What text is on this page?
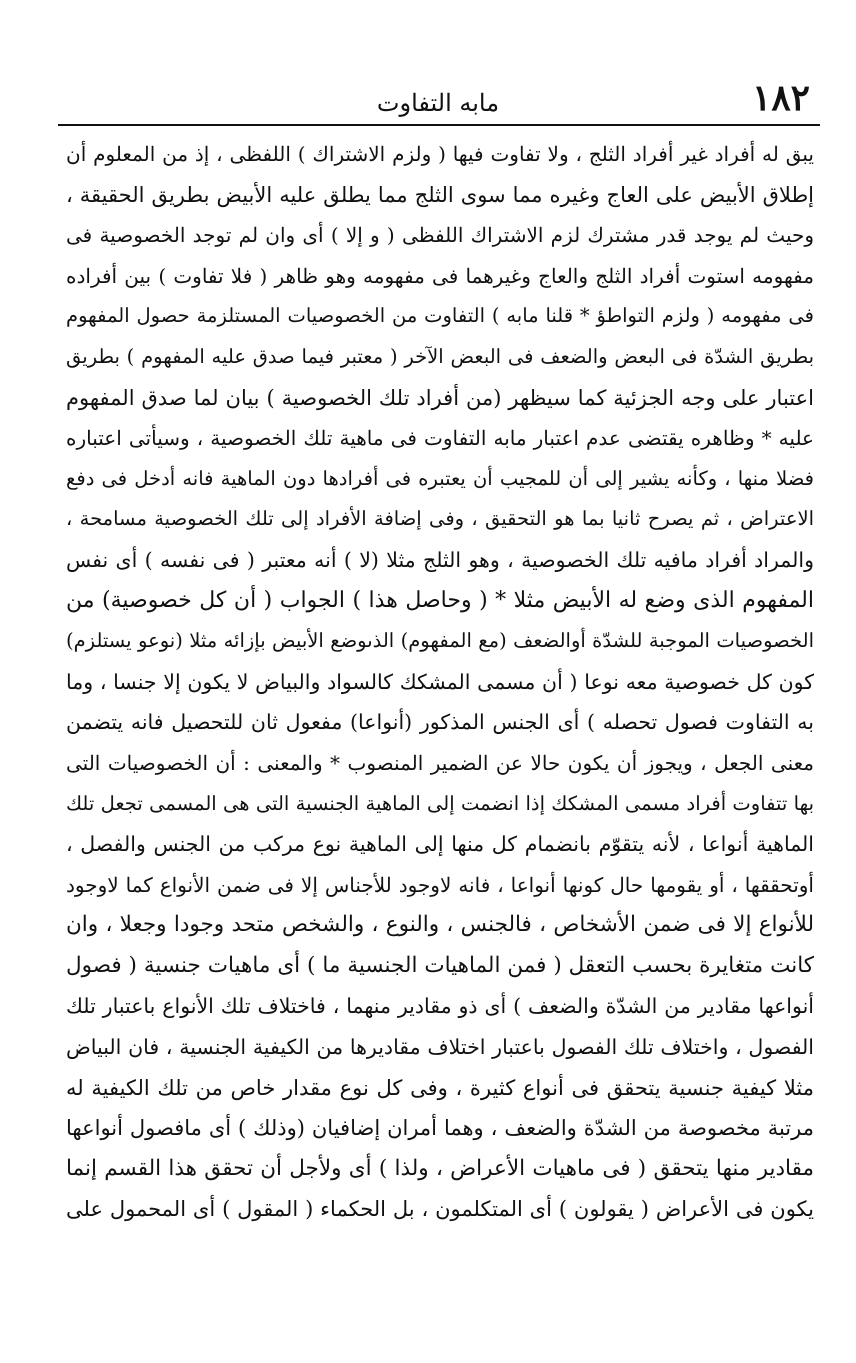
١٨٢
مابه التفاوت
يبق له أفراد غير أفراد الثلج ، ولا تفاوت فيها ( ولزم الاشتراك ) اللفظى ، إذ من المعلوم أن
إطلاق الأبيض على العاج وغيره مما سوى الثلج مما يطلق عليه الأبيض بطريق الحقيقة ،
وحيث لم يوجد قدر مشترك لزم الاشتراك اللفظى ( و إلا ) أى وان لم توجد الخصوصية فى
مفهومه استوت أفراد الثلج والعاج وغيرهما فى مفهومه وهو ظاهر ( فلا تفاوت ) بين أفراده
فى مفهومه ( ولزم التواطؤ * قلنا مابه ) التفاوت من الخصوصيات المستلزمة حصول المفهوم
بطريق الشدّة فى البعض والضعف فى البعض الآخر ( معتبر فيما صدق عليه المفهوم ) بطريق
اعتبار على وجه الجزئية كما سيظهر (من أفراد تلك الخصوصية ) بيان لما صدق المفهوم
عليه * وظاهره يقتضى عدم اعتبار مابه التفاوت فى ماهية تلك الخصوصية ، وسيأتى اعتباره
فضلا منها ، وكأنه يشير إلى أن للمجيب أن يعتبره فى أفرادها دون الماهية فانه أدخل فى دفع
الاعتراض ، ثم يصرح ثانيا بما هو التحقيق ، وفى إضافة الأفراد إلى تلك الخصوصية مسامحة ،
والمراد أفراد مافيه تلك الخصوصية ، وهو الثلج مثلا (لا ) أنه معتبر ( فى نفسه ) أى نفس
المفهوم الذى وضع له الأبيض مثلا * ( وحاصل هذا ) الجواب ( أن كل خصوصية) من
الخصوصيات الموجبة للشدّة أوالضعف (مع المفهوم) الذىوضع الأبيض بإزائه مثلا (نوعو يستلزم)
كون كل خصوصية معه نوعا ( أن مسمى المشكك كالسواد والبياض لا يكون إلا جنسا ، وما
به التفاوت فصول تحصله ) أى الجنس المذكور (أنواعا) مفعول ثان للتحصيل فانه يتضمن
معنى الجعل ، ويجوز أن يكون حالا عن الضمير المنصوب * والمعنى : أن الخصوصيات التى
بها تتفاوت أفراد مسمى المشكك إذا انضمت إلى الماهية الجنسية التى هى المسمى تجعل تلك
الماهية أنواعا ، لأنه يتقوّم بانضمام كل منها إلى الماهية نوع مركب من الجنس والفصل ،
أوتحققها ، أو يقومها حال كونها أنواعا ، فانه لاوجود للأجناس إلا فى ضمن الأنواع كما لاوجود
للأنواع إلا فى ضمن الأشخاص ، فالجنس ، والنوع ، والشخص متحد وجودا وجعلا ، وان
كانت متغايرة بحسب التعقل ( فمن الماهيات الجنسية ما ) أى ماهيات جنسية ( فصول
أنواعها مقادير من الشدّة والضعف ) أى ذو مقادير منهما ، فاختلاف تلك الأنواع باعتبار تلك
الفصول ، واختلاف تلك الفصول باعتبار اختلاف مقاديرها من الكيفية الجنسية ، فان البياض
مثلا كيفية جنسية يتحقق فى أنواع كثيرة ، وفى كل نوع مقدار خاص من تلك الكيفية له
مرتبة مخصوصة من الشدّة والضعف ، وهما أمران إضافيان (وذلك ) أى مافصول أنواعها
مقادير منها يتحقق ( فى ماهيات الأعراض ، ولذا ) أى ولأجل أن تحقق هذا القسم إنما
يكون فى الأعراض ( يقولون ) أى المتكلمون ، بل الحكماء ( المقول ) أى المحمول على
